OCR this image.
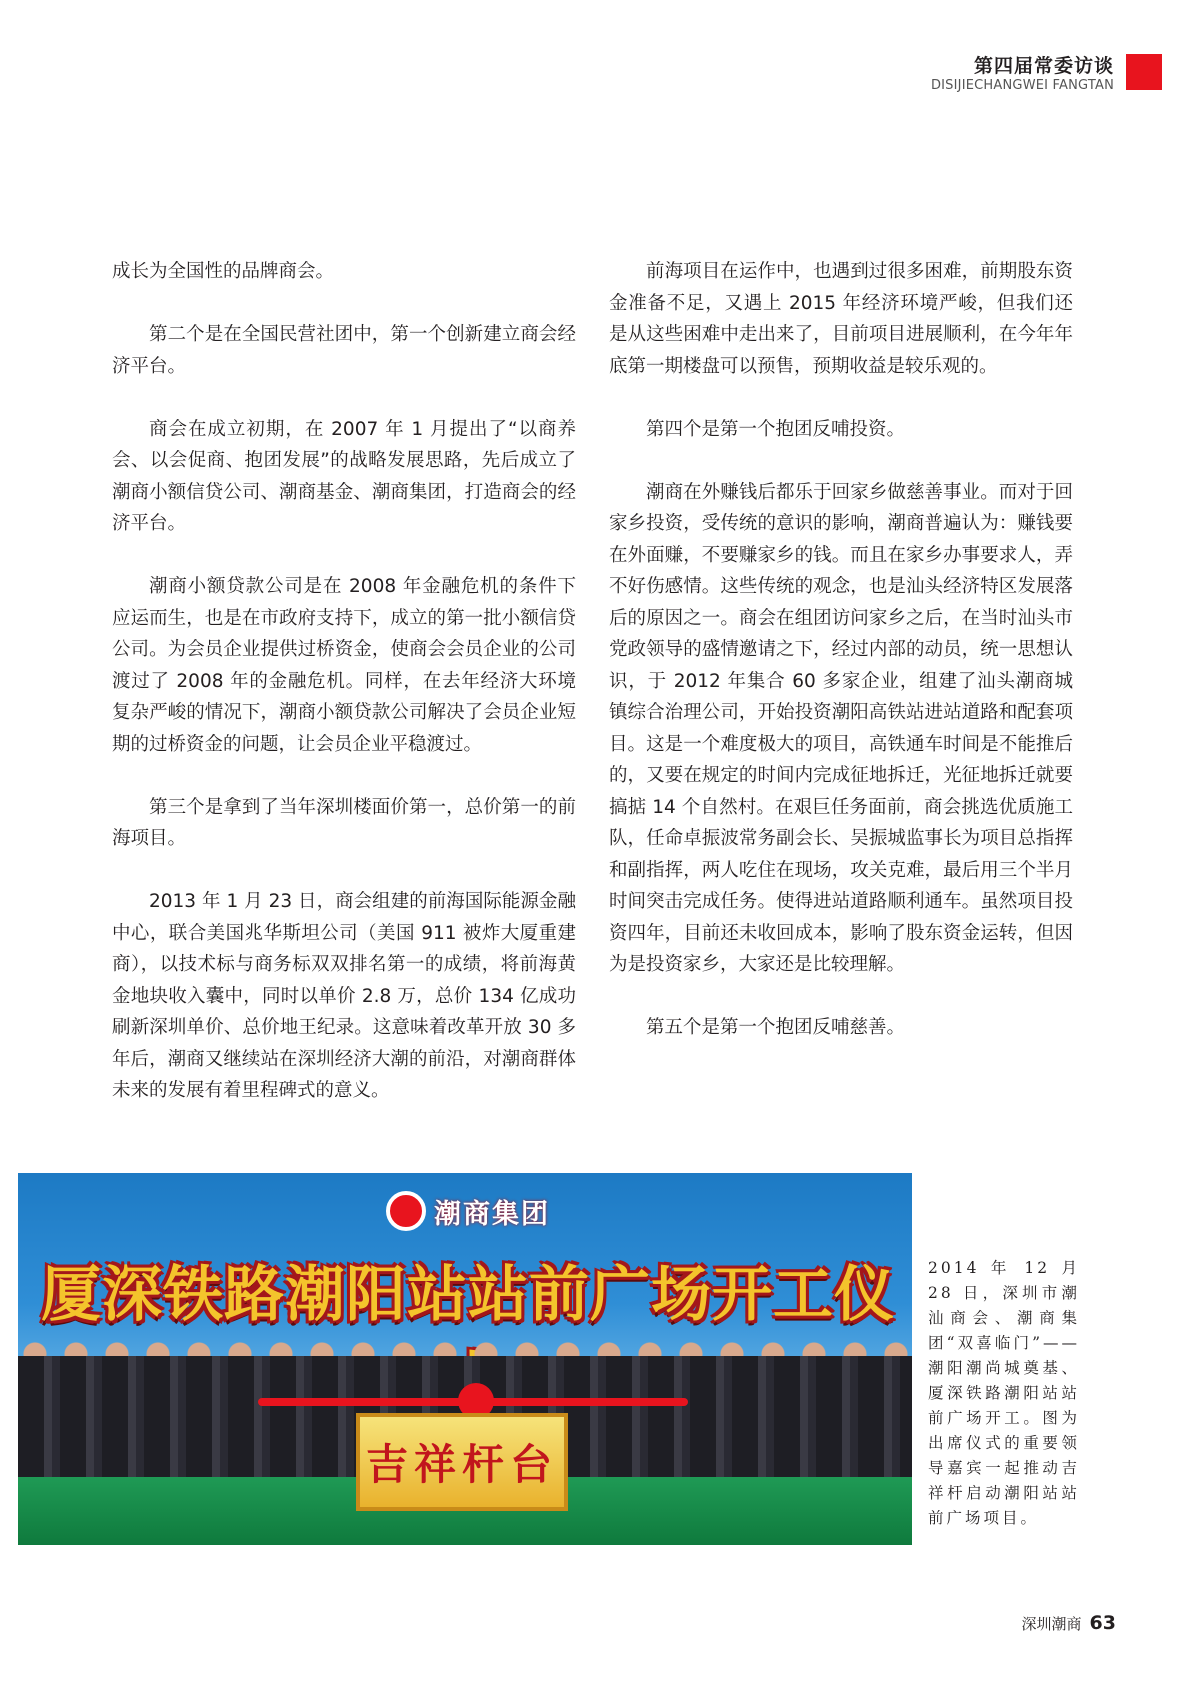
第四届常委访谈
DISIJIECHANGWEI FANGTAN

成长为全国性的品牌商会。

第二个是在全国民营社团中，第一个创新建立商会经济平台。

商会在成立初期，在 2007 年 1 月提出了“以商养会、以会促商、抱团发展”的战略发展思路，先后成立了潮商小额信贷公司、潮商基金、潮商集团，打造商会的经济平台。

潮商小额贷款公司是在 2008 年金融危机的条件下应运而生，也是在市政府支持下，成立的第一批小额信贷公司。为会员企业提供过桥资金，使商会会员企业的公司渡过了 2008 年的金融危机。同样，在去年经济大环境复杂严峻的情况下，潮商小额贷款公司解决了会员企业短期的过桥资金的问题，让会员企业平稳渡过。

第三个是拿到了当年深圳楼面价第一，总价第一的前海项目。

2013 年 1 月 23 日，商会组建的前海国际能源金融中心，联合美国兆华斯坦公司（美国 911 被炸大厦重建商），以技术标与商务标双双排名第一的成绩，将前海黄金地块收入囊中，同时以单价 2.8 万，总价 134 亿成功刷新深圳单价、总价地王纪录。这意味着改革开放 30 多年后，潮商又继续站在深圳经济大潮的前沿，对潮商群体未来的发展有着里程碑式的意义。

前海项目在运作中，也遇到过很多困难，前期股东资金准备不足，又遇上 2015 年经济环境严峻，但我们还是从这些困难中走出来了，目前项目进展顺利，在今年年底第一期楼盘可以预售，预期收益是较乐观的。

第四个是第一个抱团反哺投资。

潮商在外赚钱后都乐于回家乡做慈善事业。而对于回家乡投资，受传统的意识的影响，潮商普遍认为：赚钱要在外面赚，不要赚家乡的钱。而且在家乡办事要求人，弄不好伤感情。这些传统的观念，也是汕头经济特区发展落后的原因之一。商会在组团访问家乡之后，在当时汕头市党政领导的盛情邀请之下，经过内部的动员，统一思想认识，于 2012 年集合 60 多家企业，组建了汕头潮商城镇综合治理公司，开始投资潮阳高铁站进站道路和配套项目。这是一个难度极大的项目，高铁通车时间是不能推后的，又要在规定的时间内完成征地拆迁，光征地拆迁就要搞掂 14 个自然村。在艰巨任务面前，商会挑选优质施工队，任命卓振波常务副会长、吴振城监事长为项目总指挥和副指挥，两人吃住在现场，攻关克难，最后用三个半月时间突击完成任务。使得进站道路顺利通车。虽然项目投资四年，目前还未收回成本，影响了股东资金运转，但因为是投资家乡，大家还是比较理解。

第五个是第一个抱团反哺慈善。

潮商集团
厦深铁路潮阳站站前广场开工仪
吉祥杆台
2014 年 12 月 28 日，深圳市潮汕商会、潮商集团“双喜临门”——潮阳潮尚城奠基、厦深铁路潮阳站站前广场开工。图为出席仪式的重要领导嘉宾一起推动吉祥杆启动潮阳站站前广场项目。
深圳潮商 63
